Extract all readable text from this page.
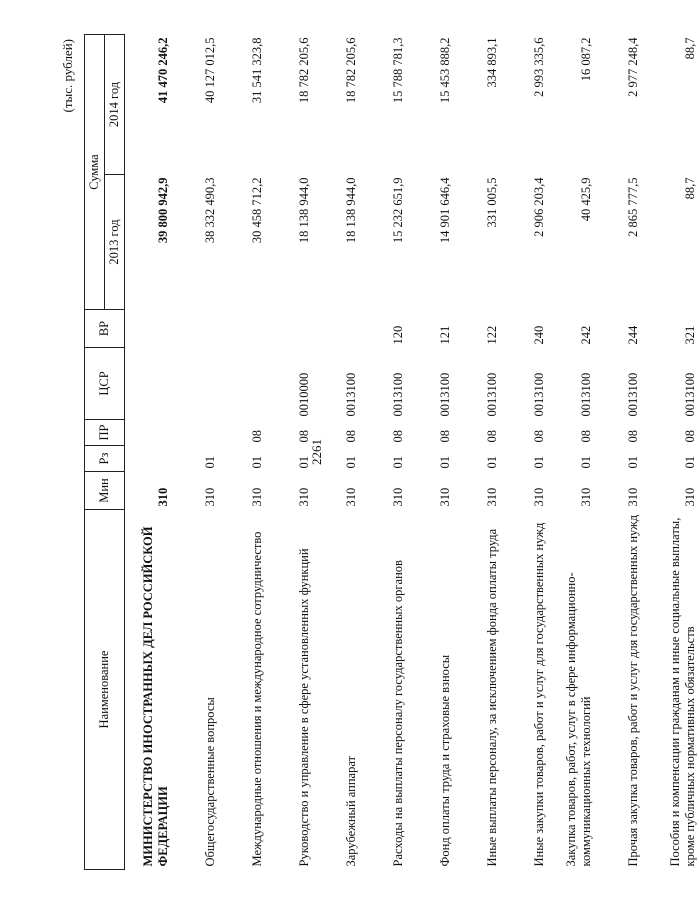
2261
(тыс. рублей)
Наименование	Мин	Рз	ПР	ЦСР	ВР	Сумма	
						2013 год	2014 год
МИНИСТЕРСТВО ИНОСТРАННЫХ ДЕЛ РОССИЙСКОЙ ФЕДЕРАЦИИ	310					39 800 942,9	41 470 246,2
Общегосударственные вопросы	310	01				38 332 490,3	40 127 012,5
Международные отношения и международное сотрудничество	310	01	08			30 458 712,2	31 541 323,8
Руководство и управление в сфере установленных функций	310	01	08	0010000		18 138 944,0	18 782 205,6
Зарубежный аппарат	310	01	08	0013100		18 138 944,0	18 782 205,6
Расходы на выплаты персоналу государственных органов	310	01	08	0013100	120	15 232 651,9	15 788 781,3
Фонд оплаты труда и страховые взносы	310	01	08	0013100	121	14 901 646,4	15 453 888,2
Иные выплаты персоналу, за исключением фонда оплаты труда	310	01	08	0013100	122	331 005,5	334 893,1
Иные закупки товаров, работ и услуг для государственных нужд	310	01	08	0013100	240	2 906 203,4	2 993 335,6
Закупка товаров, работ, услуг в сфере информационно-коммуникационных технологий	310	01	08	0013100	242	40 425,9	16 087,2
Прочая закупка товаров, работ и услуг для государственных нужд	310	01	08	0013100	244	2 865 777,5	2 977 248,4
Пособия и компенсации гражданам и иные социальные выплаты, кроме публичных нормативных обязательств	310	01	08	0013100	321	88,7	88,7
